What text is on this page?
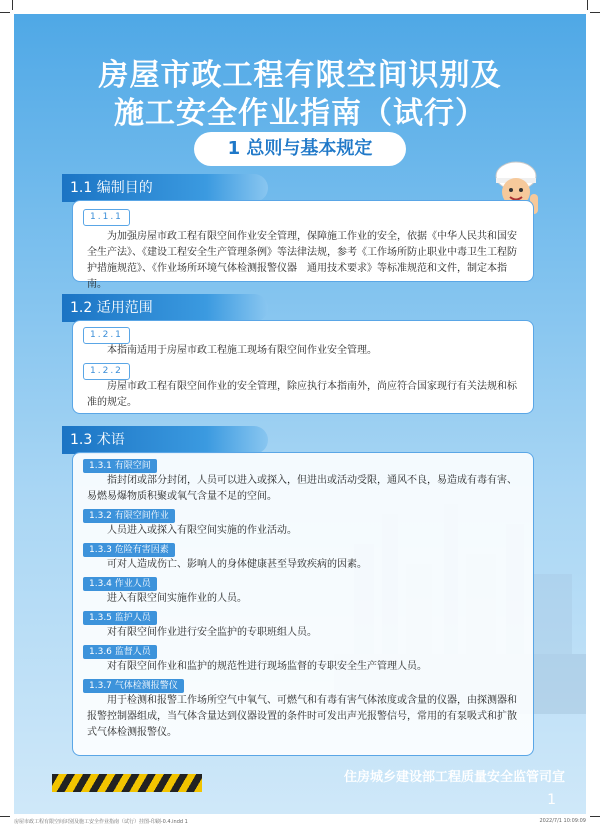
房屋市政工程有限空间识别及
施工安全作业指南（试行）
1 总则与基本规定
1.1 编制目的
1.1.1
为加强房屋市政工程有限空间作业安全管理，保障施工作业的安全，依据《中华人民共和国安全生产法》、《建设工程安全生产管理条例》等法律法规，参考《工作场所防止职业中毒卫生工程防护措施规范》、《作业场所环境气体检测报警仪器　通用技术要求》等标准规范和文件，制定本指南。
1.2 适用范围
1.2.1
本指南适用于房屋市政工程施工现场有限空间作业安全管理。
1.2.2
房屋市政工程有限空间作业的安全管理，除应执行本指南外，尚应符合国家现行有关法规和标准的规定。
1.3 术语
1.3.1 有限空间
指封闭或部分封闭，人员可以进入或探入，但进出或活动受限，通风不良，易造成有毒有害、易燃易爆物质积聚或氧气含量不足的空间。
1.3.2 有限空间作业
人员进入或探入有限空间实施的作业活动。
1.3.3 危险有害因素
可对人造成伤亡、影响人的身体健康甚至导致疾病的因素。
1.3.4 作业人员
进入有限空间实施作业的人员。
1.3.5 监护人员
对有限空间作业进行安全监护的专职班组人员。
1.3.6 监督人员
对有限空间作业和监护的规范性进行现场监督的专职安全生产管理人员。
1.3.7 气体检测报警仪
用于检测和报警工作场所空气中氧气、可燃气和有毒有害气体浓度或含量的仪器，由探测器和报警控制器组成，当气体含量达到仪器设置的条件时可发出声光报警信号，常用的有泵吸式和扩散式气体检测报警仪。
住房城乡建设部工程质量安全监管司宣
1
房屋市政工程有限空间识别及施工安全作业指南（试行）挂图-印刷-0.4.indd 1	2022/7/1 10:09:09
